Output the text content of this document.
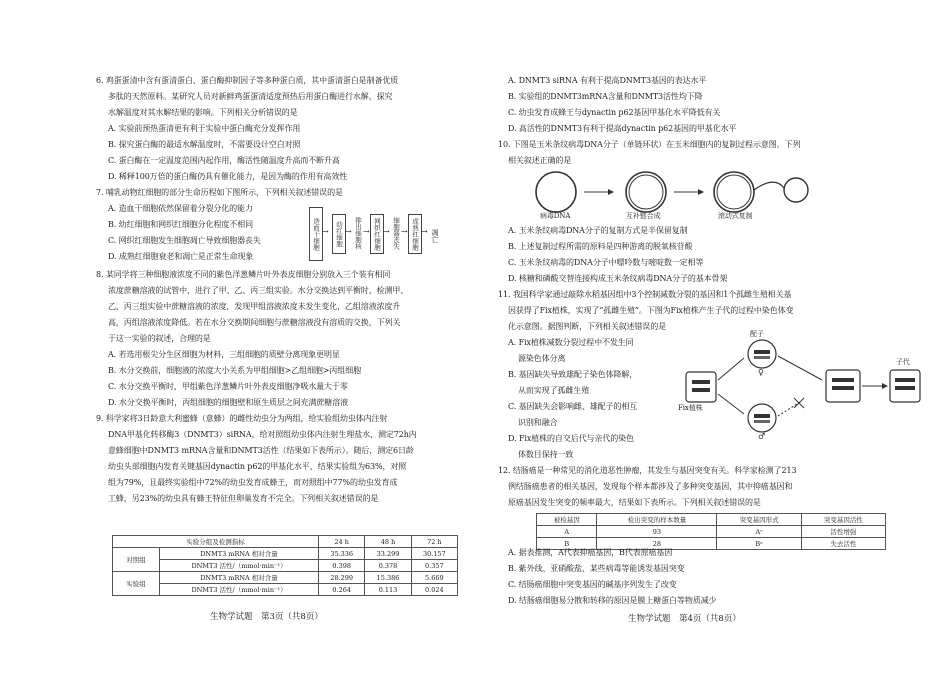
6. 鸡蛋蛋清中含有蛋清蛋白、蛋白酶抑制因子等多种蛋白质，其中蛋清蛋白是制备优质
多肽的天然原料。某研究人员对新鲜鸡蛋蛋清适度预热后用蛋白酶进行水解，探究
水解温度对其水解结果的影响。下列相关分析错误的是
A. 实验前预热蛋清更有利于实验中蛋白酶充分发挥作用
B. 探究蛋白酶的最适水解温度时，不需要设计空白对照
C. 蛋白酶在一定温度范围内起作用，酶活性随温度升高而不断升高
D. 稀释100万倍的蛋白酶仍具有催化能力，是因为酶的作用有高效性
7. 哺乳动物红细胞的部分生命历程如下图所示，下列相关叙述错误的是
A. 造血干细胞依然保留着分裂分化的能力
B. 幼红细胞和网织红细胞分化程度不相同
C. 网织红细胞发生细胞凋亡导致细胞器丧失
D. 成熟红细胞衰老和凋亡是正常生命现象
造血干细胞 → 幼红细胞 → 排出细胞核 → 网织红细胞 → 细胞器丧失 → 成熟红细胞 → 凋亡
8. 某同学将三种细胞液浓度不同的紫色洋葱鳞片叶外表皮细胞分别放入三个装有相同
浓度蔗糖溶液的试管中，进行了甲、乙、丙三组实验。水分交换达到平衡时，检测甲、
乙、丙三组实验中蔗糖溶液的浓度，发现甲组溶液浓度未发生变化，乙组溶液浓度升
高，丙组溶液浓度降低。若在水分交换期间细胞与蔗糖溶液没有溶质的交换，下列关
于这一实验的叙述，合理的是
A. 若选用根尖分生区细胞为材料，三组细胞的质壁分离现象更明显
B. 水分交换前，细胞液的浓度大小关系为甲组细胞>乙组细胞>丙组细胞
C. 水分交换平衡时，甲组紫色洋葱鳞片叶外表皮细胞净吸水量大于零
D. 水分交换平衡时，丙组细胞的细胞壁和原生质层之间充满蔗糖溶液
9. 科学家将3日龄意大利蜜蜂（意蜂）的雌性幼虫分为两组，给实验组幼虫体内注射
DNA甲基化转移酶3（DNMT3）siRNA，给对照组幼虫体内注射生理盐水，测定72h内
意蜂细胞中DNMT3 mRNA含量和DNMT3活性（结果如下表所示）。随后，测定6日龄
幼虫头部细胞内发育关键基因dynactin p62的甲基化水平，结果实验组为63%，对照
组为79%，且最终实验组中72%的幼虫发育成蜂王，而对照组中77%的幼虫发育成
工蜂，另23%的幼虫具有蜂王特征但卵巢发育不完全。下列相关叙述错误的是
实验分组及检测指标		24 h	48 h	72 h
对照组	DNMT3 mRNA 相对含量	35.336	33.299	30.157
	DNMT3 活性/（mmol·min⁻¹）	0.398	0.378	0.357
实验组	DNMT3 mRNA 相对含量	28.299	15.386	5.669
	DNMT3 活性/（mmol·min⁻¹）	0.264	0.113	0.024
生物学试题　第3页（共8页）
A. DNMT3 siRNA 有利于提高DNMT3基因的表达水平
B. 实验组的DNMT3mRNA含量和DNMT3活性均下降
C. 幼虫发育成蜂王与dynactin p62基因甲基化水平降低有关
D. 高活性的DNMT3有利于提高dynactin p62基因的甲基化水平
10. 下图是玉米条纹病毒DNA分子（单链环状）在玉米细胞内的复制过程示意图。下列
相关叙述正确的是
病毒DNA	互补链合成	滚动式复制
A. 玉米条纹病毒DNA分子的复制方式是半保留复制
B. 上述复制过程所需的原料是四种游离的脱氧核苷酸
C. 玉米条纹病毒的DNA分子中嘌呤数与嘧啶数一定相等
D. 核糖和磷酸交替连接构成玉米条纹病毒DNA分子的基本骨架
11. 我国科学家通过敲除水稻基因组中3个控制减数分裂的基因和1个孤雌生殖相关基
因获得了Fix植株，实现了“孤雌生殖”。下图为Fix植株产生子代的过程中染色体变
化示意图。据图判断，下列相关叙述错误的是
A. Fix植株减数分裂过程中不发生同
源染色体分离
B. 基因缺失导致雄配子染色体降解，
从而实现了孤雌生殖
C. 基因缺失会影响雌、雄配子的相互
识别和融合
D. Fix植株的自交后代与亲代的染色
体数目保持一致
配子
子代
Fix植株
♀
♂
12. 结肠癌是一种常见的消化道恶性肿瘤，其发生与基因突变有关。科学家检测了213
例结肠癌患者的相关基因，发现每个样本都涉及了多种突变基因，其中抑癌基因和
原癌基因发生突变的频率最大，结果如下表所示。下列相关叙述错误的是
被检基因	检出突变的样本数量	突变基因形式	突变基因活性
A	93	Aᵛ	活性增强
B	28	Bᵉ	失去活性
A. 据表推测，A代表抑癌基因，B代表原癌基因
B. 紫外线、亚硝酸盐、某些病毒等能诱发基因突变
C. 结肠癌细胞中突变基因的碱基序列发生了改变
D. 结肠癌细胞易分散和转移的原因是膜上糖蛋白等物质减少
生物学试题　第4页（共8页）
